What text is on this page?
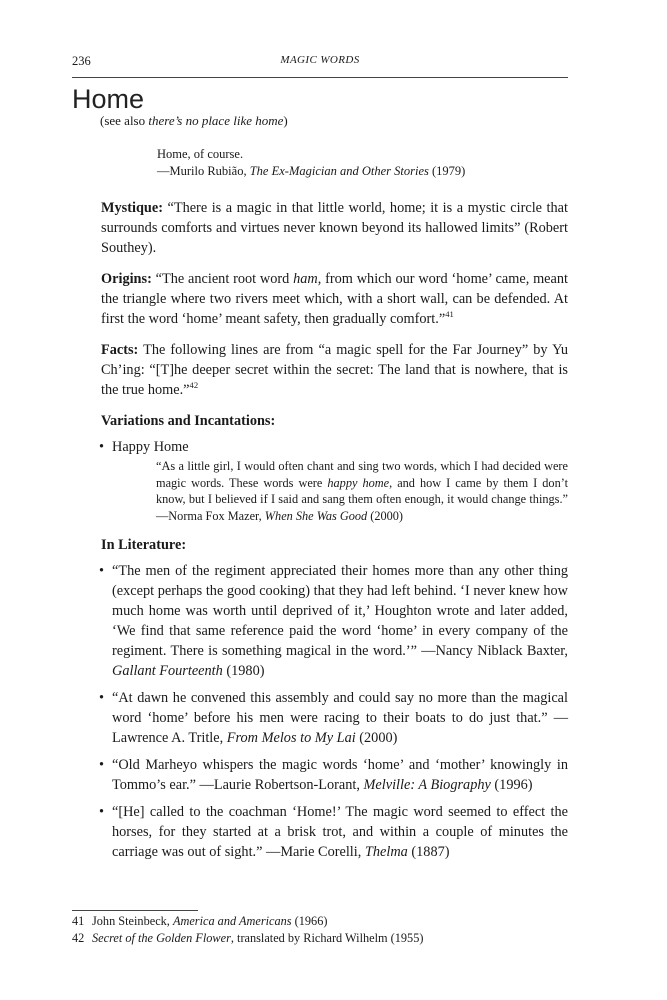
236	MAGIC WORDS
Home
(see also there’s no place like home)
Home, of course.
—Murilo Rubião, The Ex-Magician and Other Stories (1979)

Mystique: “There is a magic in that little world, home; it is a mystic circle that surrounds comforts and virtues never known beyond its hallowed limits” (Robert Southey).

Origins: “The ancient root word ham, from which our word ‘home’ came, meant the triangle where two rivers meet which, with a short wall, can be defended. At first the word ‘home’ meant safety, then gradually comfort.”$^{41}$

Facts: The following lines are from “a magic spell for the Far Journey” by Yu Ch’ing: “[T]he deeper secret within the secret: The land that is nowhere, that is the true home.”$^{42}$

Variations and Incantations:
• Happy Home
“As a little girl, I would often chant and sing two words, which I had decided were magic words. These words were happy home, and how I came by them I don’t know, but I believed if I said and sang them often enough, it would change things.” —Norma Fox Mazer, When She Was Good (2000)
In Literature:
• “The men of the regiment appreciated their homes more than any other thing (except perhaps the good cooking) that they had left behind. ‘I never knew how much home was worth until deprived of it,’ Houghton wrote and later added, ‘We find that same reference paid the word ‘home’ in every company of the regiment. There is something magical in the word.’” —Nancy Niblack Baxter, Gallant Fourteenth (1980)

• “At dawn he convened this assembly and could say no more than the magical word ‘home’ before his men were racing to their boats to do just that.” —Lawrence A. Tritle, From Melos to My Lai (2000)

• “Old Marheyo whispers the magic words ‘home’ and ‘mother’ knowingly in Tommo’s ear.” —Laurie Robertson-Lorant, Melville: A Biography (1996)

• “[He] called to the coachman ‘Home!’ The magic word seemed to effect the horses, for they started at a brisk trot, and within a couple of minutes the carriage was out of sight.” —Marie Corelli, Thelma (1887)

41 John Steinbeck, America and Americans (1966)
42 Secret of the Golden Flower, translated by Richard Wilhelm (1955)
